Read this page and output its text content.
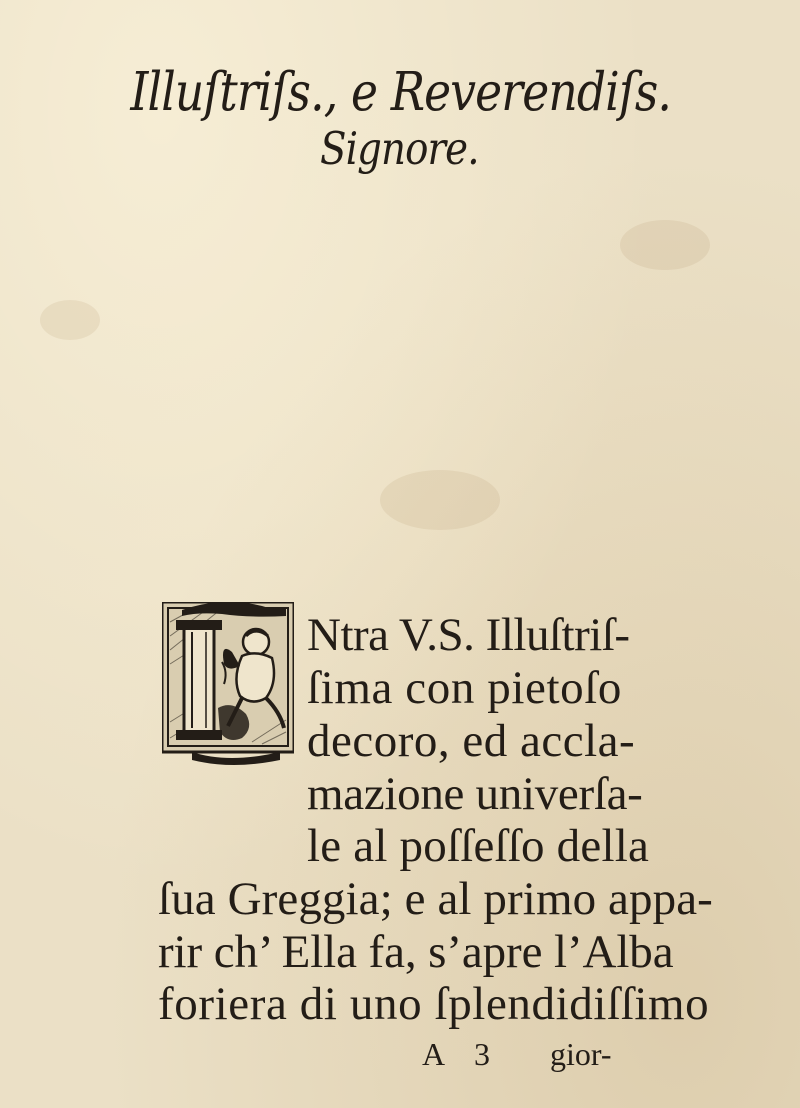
Illuſtriſs., e Reverendiſs.
Signore.
Ntra V.S. Illuſtriſ-
ſima con pietoſo
decoro, ed accla-
mazione univerſa-
le al poſſeſſo della
ſua Greggia; e al primo appa-
rir ch’ Ella fa, s’apre l’Alba
foriera di uno ſplendidiſſimo
A 3 gior-
